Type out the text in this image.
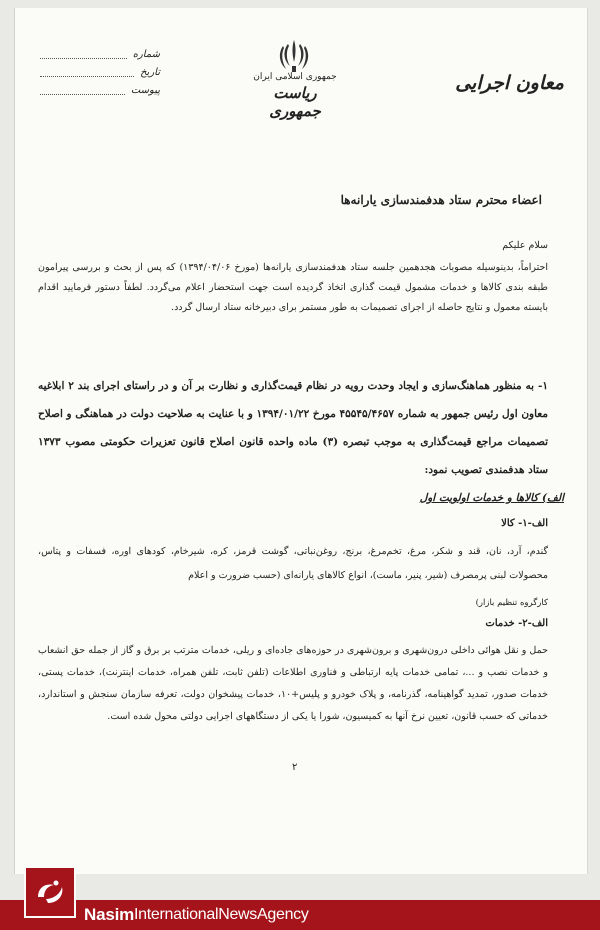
شماره
تاریخ
پیوست
جمهوری اسلامی ایران
ریاست جمهوری
معاون اجرایی
اعضاء محترم ستاد هدفمندسازی یارانه‌ها
سلام علیکم
احتراماً، بدینوسیله مصوبات هجدهمین جلسه ستاد هدفمندسازی یارانه‌ها (مورخ ۱۳۹۴/۰۴/۰۶) که پس از بحث و بررسی پیرامون طبقه بندی کالاها و خدمات مشمول قیمت گذاری اتخاذ گردیده است جهت استحضار اعلام می‌گردد. لطفاً دستور فرمایید اقدام بایسته معمول و نتایج حاصله از اجرای تصمیمات به طور مستمر برای دبیرخانه ستاد ارسال گردد.
۱- به منظور هماهنگ‌سازی و ایجاد وحدت رویه در نظام قیمت‌گذاری و نظارت بر آن و در راستای اجرای بند ۲ ابلاغیه معاون اول رئیس جمهور به شماره ۴۵۵۴۵/۴۶۵۷ مورخ ۱۳۹۴/۰۱/۲۲ و با عنایت به صلاحیت دولت در هماهنگی و اصلاح تصمیمات مراجع قیمت‌گذاری به موجب تبصره (۳) ماده واحده قانون اصلاح قانون تعزیرات حکومتی مصوب ۱۳۷۳ ستاد هدفمندی تصویب نمود:
الف) کالاها و خدمات اولویت اول
الف-۱- کالا
گندم، آرد، نان، قند و شکر، مرغ، تخم‌مرغ، برنج، روغن‌نباتی، گوشت قرمز، کره، شیرخام، کودهای اوره، فسفات و پتاس، محصولات لبنی پرمصرف (شیر، پنیر، ماست)، انواع کالاهای یارانه‌ای (حسب ضرورت و اعلام
کارگروه تنظیم بازار)
الف-۲- خدمات
حمل و نقل هوائی داخلی درون‌شهری و برون‌شهری در حوزه‌های جاده‌ای و ریلی، خدمات مترتب بر برق و گاز از جمله حق انشعاب و خدمات نصب و ...، تمامی خدمات پایه ارتباطی و فناوری اطلاعات (تلفن ثابت، تلفن همراه، خدمات اینترنت)، خدمات پستی، خدمات صدور، تمدید گواهینامه، گذرنامه، و پلاک خودرو و پلیس+۱۰، خدمات پیشخوان دولت، تعرفه سازمان سنجش و استاندارد، خدماتی که حسب قانون، تعیین نرخ آنها به کمیسیون، شورا یا یکی از دستگاههای اجرایی دولتی محول شده است.
۲
Nasim InternationalNewsAgency
